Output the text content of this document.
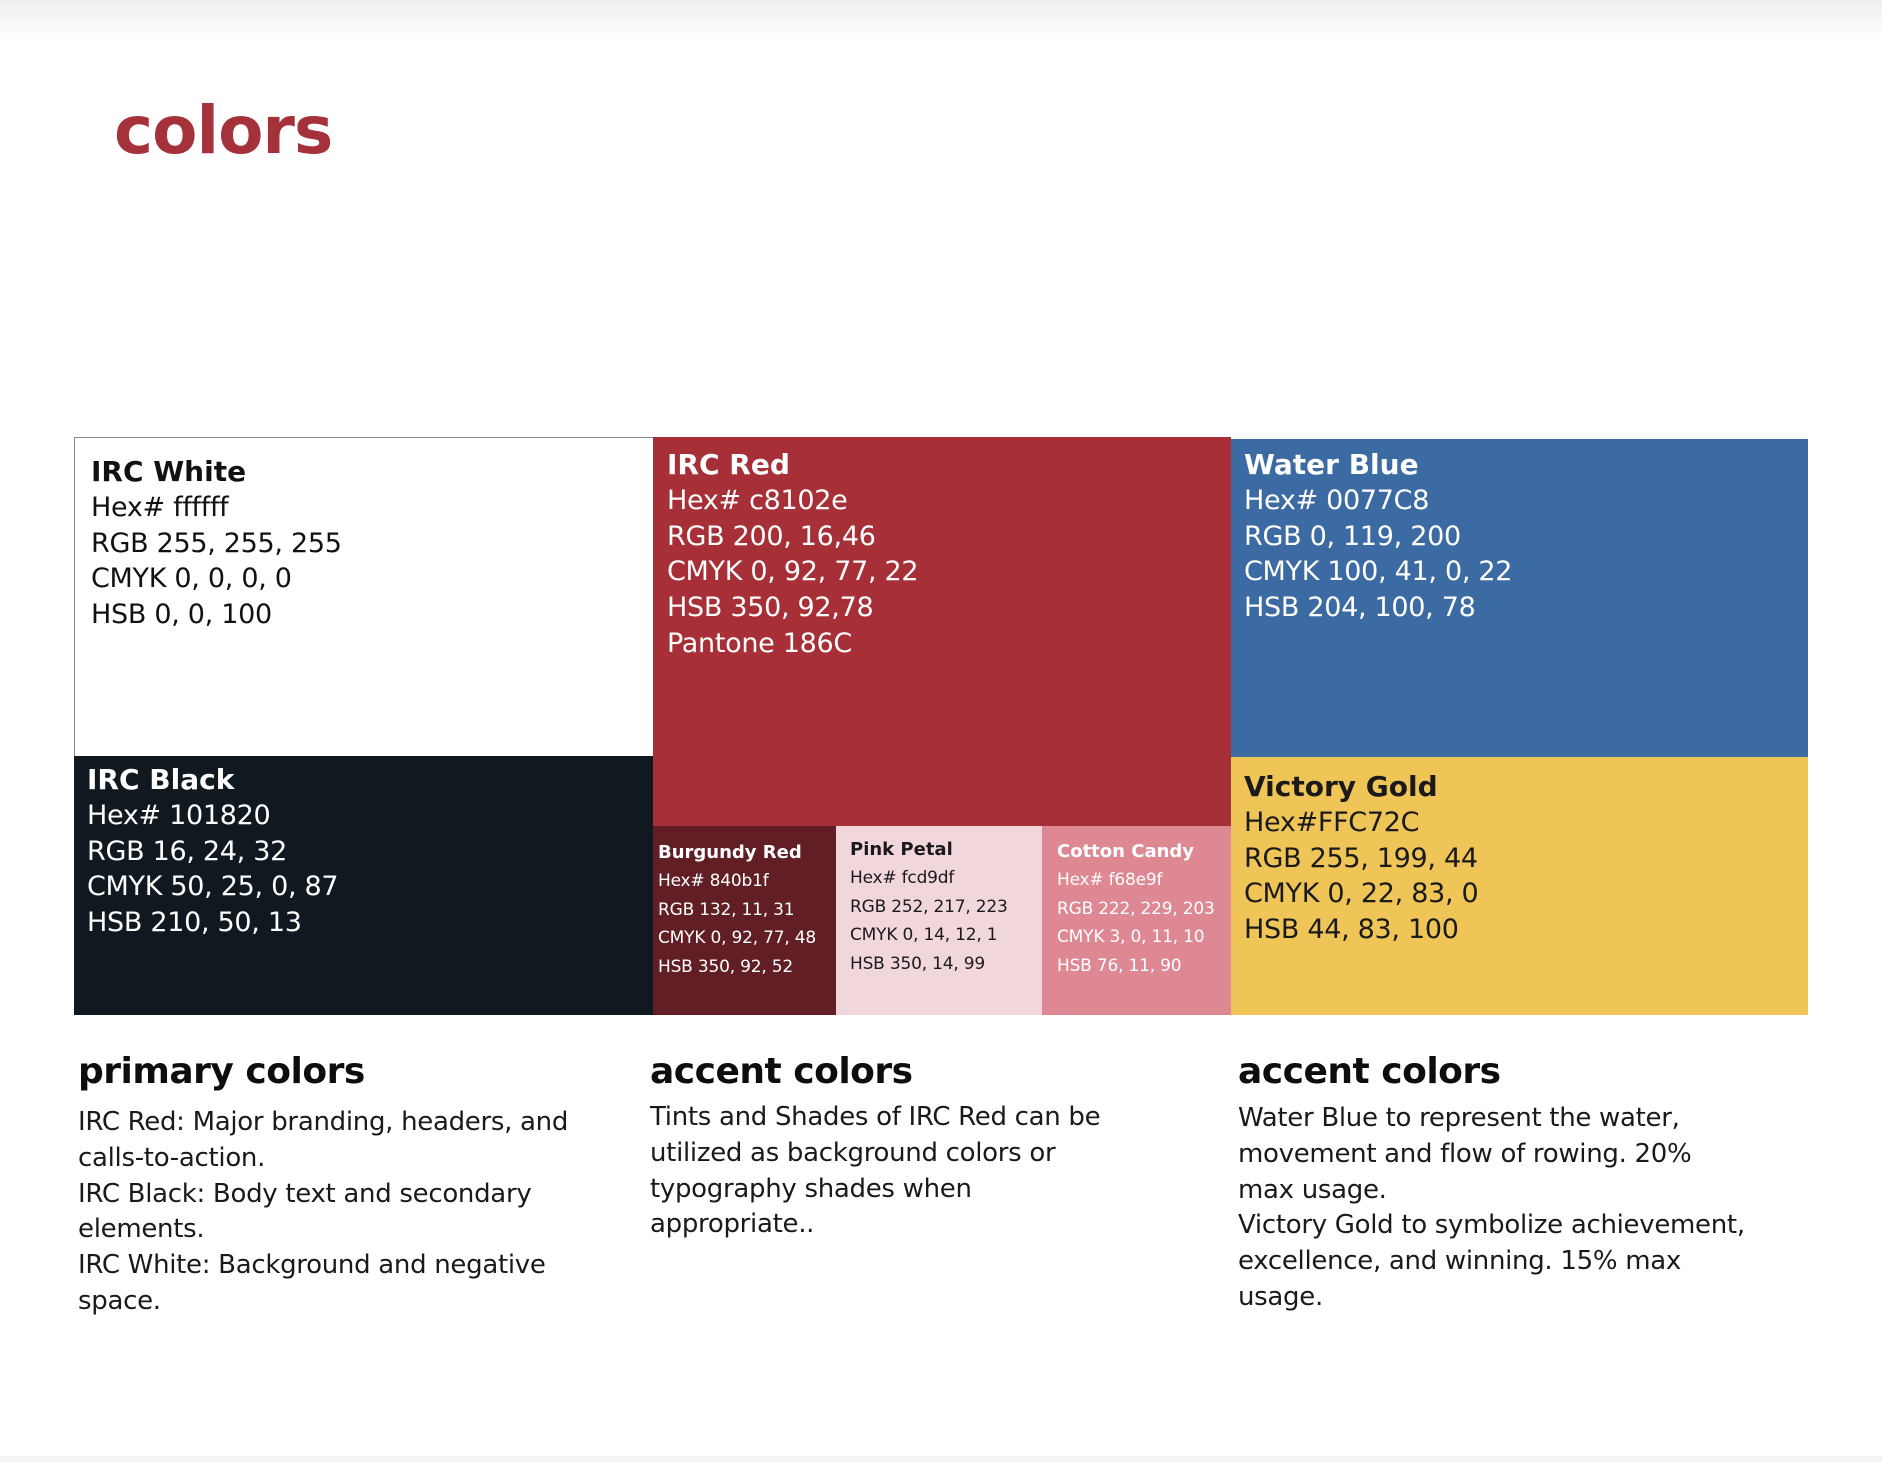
colors
IRC White
Hex# ffffff
RGB 255, 255, 255
CMYK 0, 0, 0, 0
HSB 0, 0, 100
IRC Black
Hex# 101820
RGB 16, 24, 32
CMYK 50, 25, 0, 87
HSB 210, 50, 13
IRC Red
Hex# c8102e
RGB 200, 16,46
CMYK 0, 92, 77, 22
HSB 350, 92,78
Pantone 186C
Burgundy Red
Hex# 840b1f
RGB 132, 11, 31
CMYK 0, 92, 77, 48
HSB 350, 92, 52
Pink Petal
Hex# fcd9df
RGB 252, 217, 223
CMYK 0, 14, 12, 1
HSB 350, 14, 99
Cotton Candy
Hex# f68e9f
RGB 222, 229, 203
CMYK 3, 0, 11, 10
HSB 76, 11, 90
Water Blue
Hex# 0077C8
RGB 0, 119, 200
CMYK 100, 41, 0, 22
HSB 204, 100, 78
Victory Gold
Hex#FFC72C
RGB 255, 199, 44
CMYK 0, 22, 83, 0
HSB 44, 83, 100
primary colors
IRC Red: Major branding, headers, and
calls-to-action.
IRC Black: Body text and secondary
elements.
IRC White: Background and negative
space.
accent colors
Tints and Shades of IRC Red can be
utilized as background colors or
typography shades when
appropriate..
accent colors
Water Blue to represent the water,
movement and flow of rowing. 20%
max usage.
Victory Gold to symbolize achievement,
excellence, and winning. 15% max
usage.
